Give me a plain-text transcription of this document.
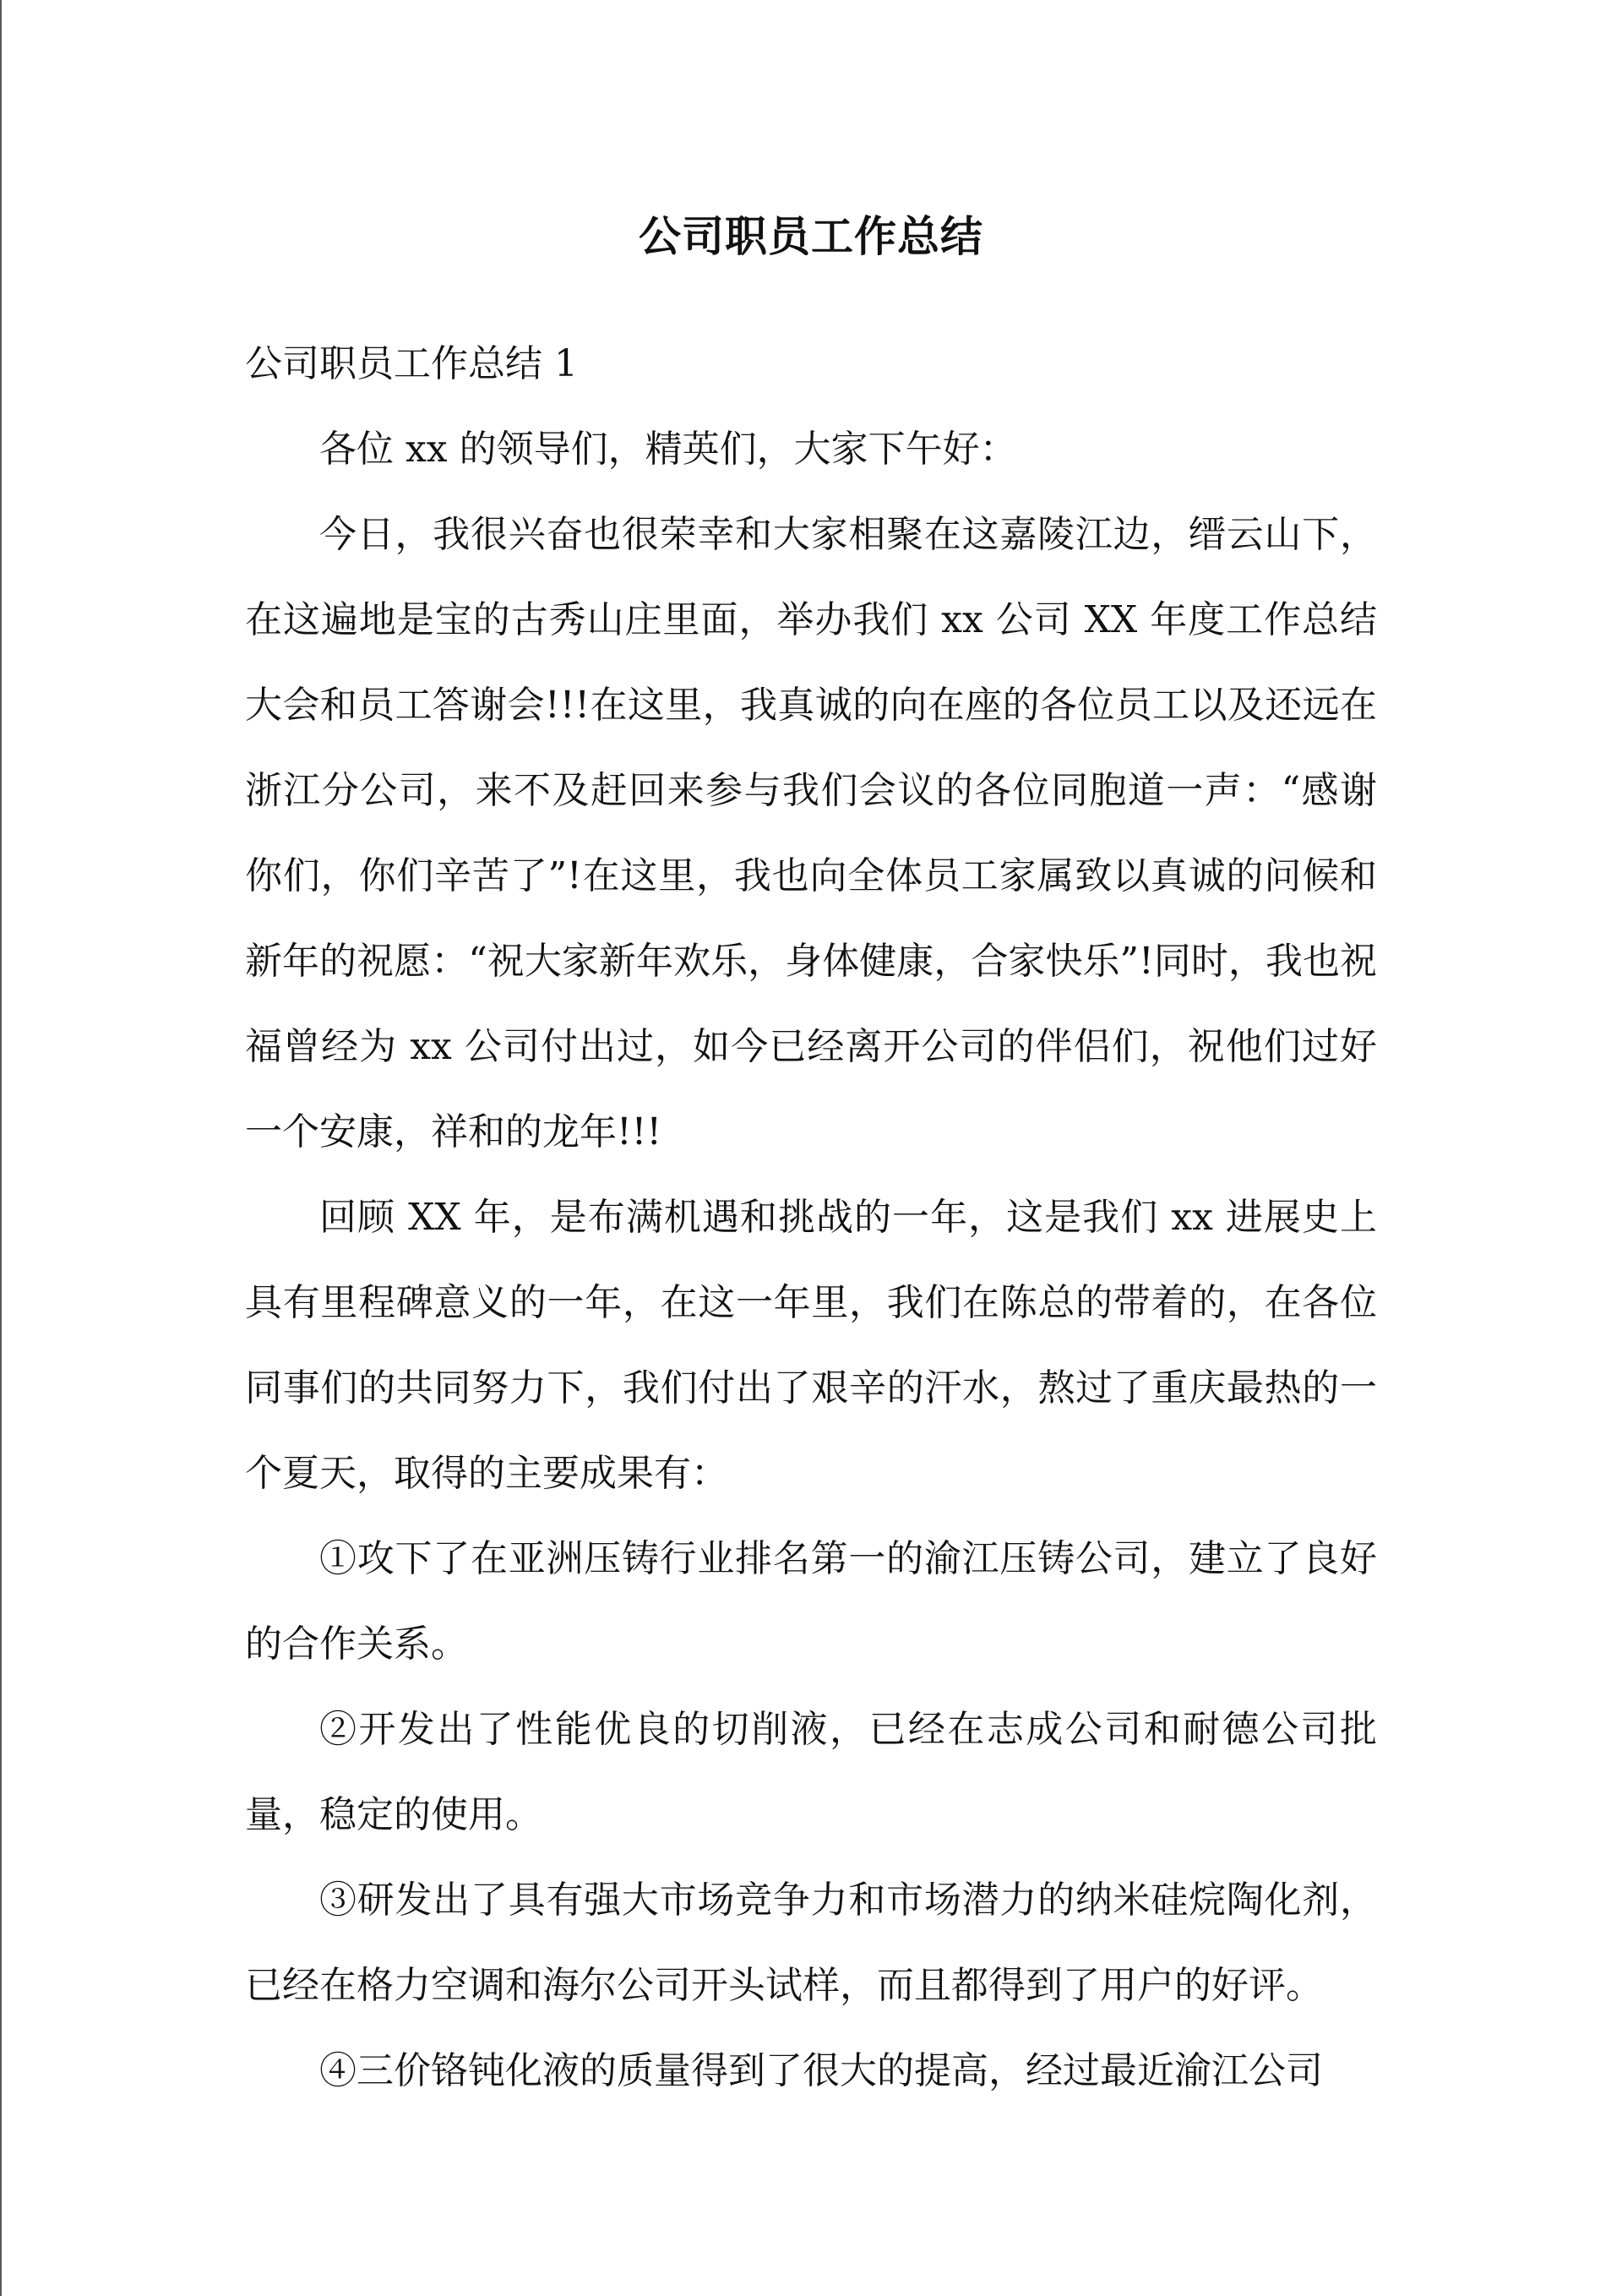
公司职员工作总结

公司职员工作总结 1

各位 xx 的领导们，精英们，大家下午好：

今日，我很兴奋也很荣幸和大家相聚在这嘉陵江边，缙云山下，在这遍地是宝的古秀山庄里面，举办我们 xx 公司 XX 年度工作总结大会和员工答谢会!!!在这里，我真诚的向在座的各位员工以及还远在浙江分公司，来不及赶回来参与我们会议的各位同胞道一声：“感谢你们，你们辛苦了”!在这里，我也向全体员工家属致以真诚的问候和新年的祝愿：“祝大家新年欢乐，身体健康，合家快乐”!同时，我也祝福曾经为 xx 公司付出过，如今已经离开公司的伴侣们，祝他们过好一个安康，祥和的龙年!!!

回顾 XX 年，是布满机遇和挑战的一年，这是我们 xx 进展史上具有里程碑意义的一年，在这一年里，我们在陈总的带着的，在各位同事们的共同努力下，我们付出了艰辛的汗水，熬过了重庆最热的一个夏天，取得的主要成果有：

①攻下了在亚洲压铸行业排名第一的渝江压铸公司，建立了良好的合作关系。

②开发出了性能优良的切削液，已经在志成公司和耐德公司批量，稳定的使用。

③研发出了具有强大市场竞争力和市场潜力的纳米硅烷陶化剂，已经在格力空调和海尔公司开头试样，而且都得到了用户的好评。

④三价铬钝化液的质量得到了很大的提高，经过最近渝江公司
